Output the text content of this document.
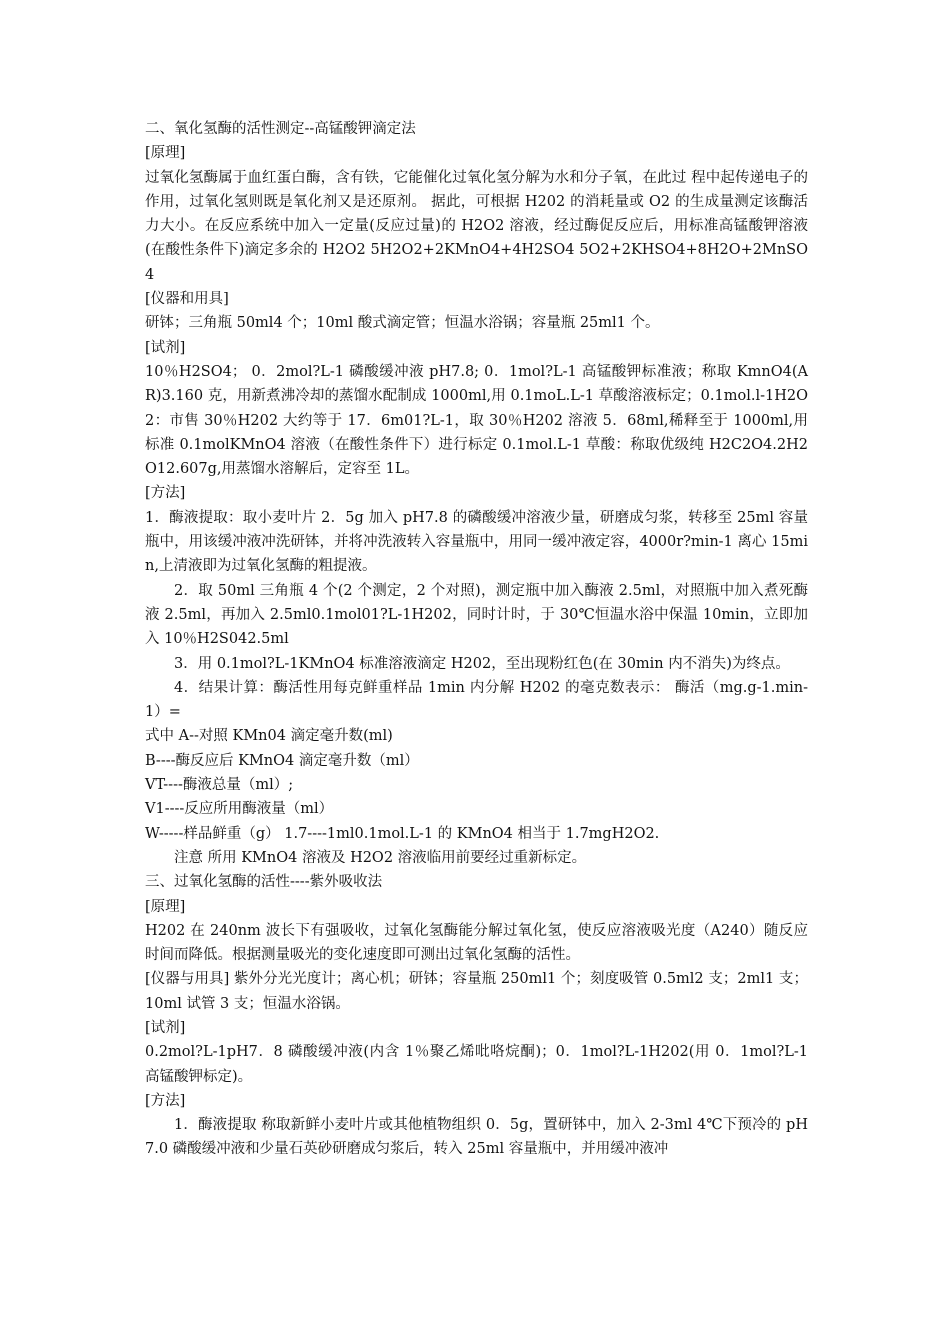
二、氧化氢酶的活性测定--高锰酸钾滴定法

[原理]

过氧化氢酶属于血红蛋白酶，含有铁，它能催化过氧化氢分解为水和分子氧，在此过 程中起传递电子的作用，过氧化氢则既是氧化剂又是还原剂。 据此，可根据 H202 的消耗量或 O2 的生成量测定该酶活力大小。在反应系统中加入一定量(反应过量)的 H2O2 溶液，经过酶促反应后，用标准高锰酸钾溶液(在酸性条件下)滴定多余的 H2O2 5H2O2+2KMnO4+4H2SO4 5O2+2KHSO4+8H2O+2MnSO4

[仪器和用具]

研钵；三角瓶 50ml4 个；10ml 酸式滴定管；恒温水浴锅；容量瓶 25ml1 个。

[试剂]

10％H2SO4； 0．2mol?L-1 磷酸缓冲液 pH7.8; 0．1mol?L-1 高锰酸钾标准液；称取 KmnO4(AR)3.160 克，用新煮沸冷却的蒸馏水配制成 1000ml,用 0.1moL.L-1 草酸溶液标定；0.1mol.l-1H2O2：市售 30％H202 大约等于 17．6m01?L-1，取 30％H202 溶液 5．68ml,稀释至于 1000ml,用标准 0.1molKMnO4 溶液（在酸性条件下）进行标定 0.1mol.L-1 草酸：称取优级纯 H2C2O4.2H2O12.607g,用蒸馏水溶解后，定容至 1L。

[方法]

1．酶液提取：取小麦叶片 2．5g 加入 pH7.8 的磷酸缓冲溶液少量，研磨成匀浆，转移至 25ml 容量瓶中，用该缓冲液冲洗研钵，并将冲洗液转入容量瓶中，用同一缓冲液定容，4000r?min-1 离心 15min,上清液即为过氧化氢酶的粗提液。

2．取 50ml 三角瓶 4 个(2 个测定，2 个对照)，测定瓶中加入酶液 2.5ml，对照瓶中加入煮死酶液 2.5ml，再加入 2.5ml0.1mol01?L-1H202，同时计时，于 30℃恒温水浴中保温 10min，立即加入 10％H2S042.5ml

3．用 0.1mol?L-1KMnO4 标准溶液滴定 H202，至出现粉红色(在 30min 内不消失)为终点。

4．结果计算：酶活性用每克鲜重样品 1min 内分解 H202 的毫克数表示： 酶活（mg.g-1.min-1）=

式中 A--对照 KMn04 滴定毫升数(ml)

B----酶反应后 KMnO4 滴定毫升数（ml）

VT----酶液总量（ml）;

V1----反应所用酶液量（ml）

W-----样品鲜重（g） 1.7----1ml0.1mol.L-1 的 KMnO4 相当于 1.7mgH2O2.

注意 所用 KMnO4 溶液及 H2O2 溶液临用前要经过重新标定。

三、过氧化氢酶的活性----紫外吸收法

[原理]

H202 在 240nm 波长下有强吸收，过氧化氢酶能分解过氧化氢，使反应溶液吸光度（A240）随反应时间而降低。根据测量吸光的变化速度即可测出过氧化氢酶的活性。

[仪器与用具] 紫外分光光度计；离心机；研钵；容量瓶 250ml1 个；刻度吸管 0.5ml2 支；2ml1 支；10ml 试管 3 支；恒温水浴锅。

[试剂]

0.2mol?L-1pH7．8 磷酸缓冲液(内含 1％聚乙烯吡咯烷酮)；0．1mol?L-1H202(用 0．1mol?L-1 高锰酸钾标定)。

[方法]

1．酶液提取 称取新鲜小麦叶片或其他植物组织 0．5g，置研钵中，加入 2-3ml 4℃下预冷的 pH7.0 磷酸缓冲液和少量石英砂研磨成匀浆后，转入 25ml 容量瓶中，并用缓冲液冲
